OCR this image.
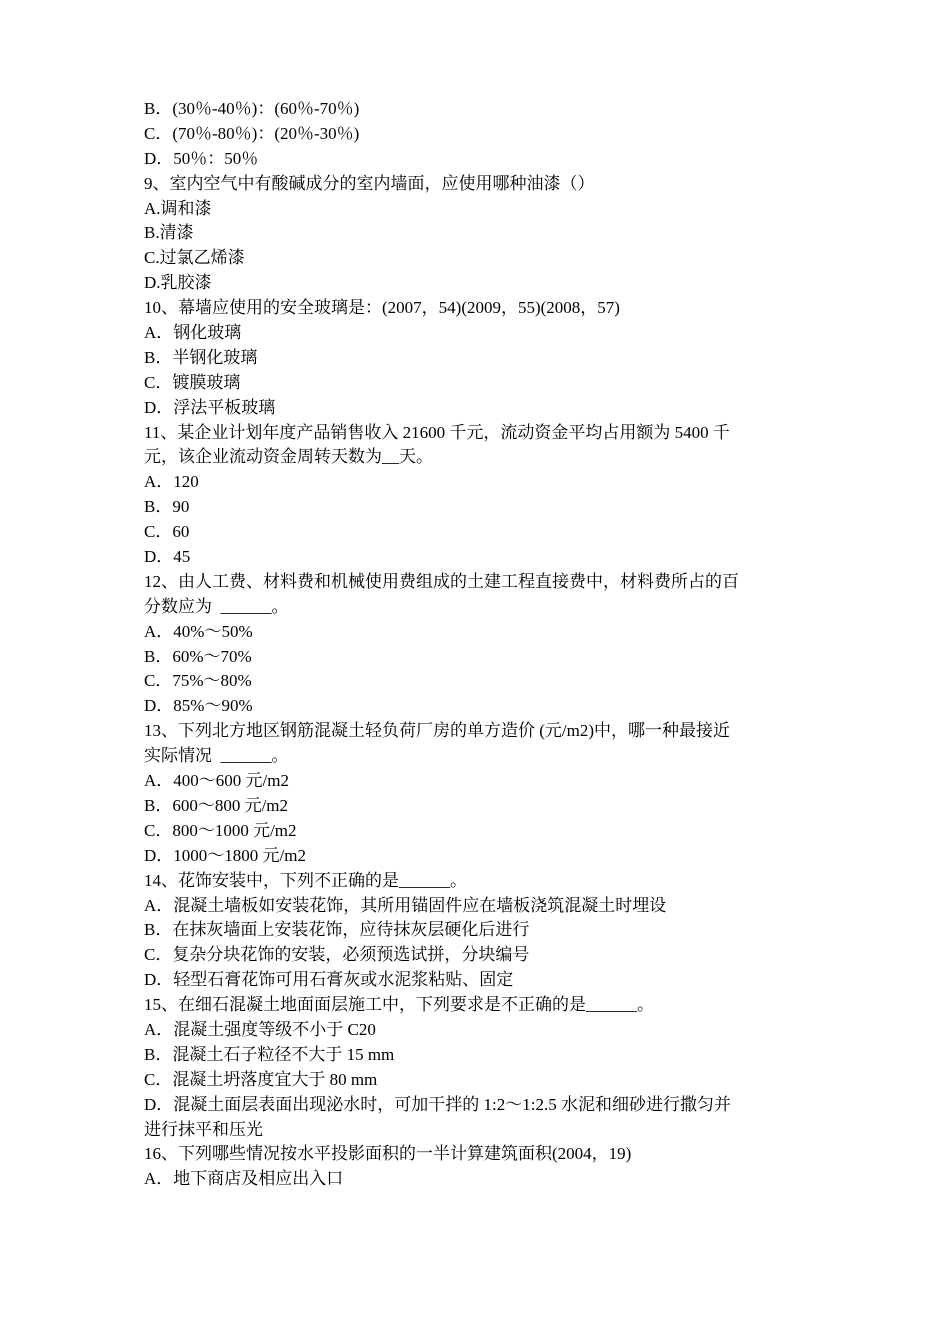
B．(30％-40％)：(60％-70％)
C．(70％-80％)：(20％-30％)
D．50％：50％
9、室内空气中有酸碱成分的室内墙面，应使用哪种油漆（）
A.调和漆
B.清漆
C.过氯乙烯漆
D.乳胶漆
10、幕墙应使用的安全玻璃是：(2007，54)(2009，55)(2008，57)
A．钢化玻璃
B．半钢化玻璃
C．镀膜玻璃
D．浮法平板玻璃
11、某企业计划年度产品销售收入 21600 千元，流动资金平均占用额为 5400 千
元，该企业流动资金周转天数为__天。
A．120
B．90
C．60
D．45
12、由人工费、材料费和机械使用费组成的土建工程直接费中，材料费所占的百
分数应为  ______。
A．40%～50%
B．60%～70%
C．75%～80%
D．85%～90%
13、下列北方地区钢筋混凝土轻负荷厂房的单方造价 (元/m2)中，哪一种最接近
实际情况  ______。
A．400～600 元/m2
B．600～800 元/m2
C．800～1000 元/m2
D．1000～1800 元/m2
14、花饰安装中，下列不正确的是______。
A．混凝土墙板如安装花饰，其所用锚固件应在墙板浇筑混凝土时埋设
B．在抹灰墙面上安装花饰，应待抹灰层硬化后进行
C．复杂分块花饰的安装，必须预选试拼，分块编号
D．轻型石膏花饰可用石膏灰或水泥浆粘贴、固定
15、在细石混凝土地面面层施工中，下列要求是不正确的是______。
A．混凝土强度等级不小于 C20
B．混凝土石子粒径不大于 15 mm
C．混凝土坍落度宜大于 80 mm
D．混凝土面层表面出现泌水时，可加干拌的 1:2～1:2.5 水泥和细砂进行撒匀并
进行抹平和压光
16、下列哪些情况按水平投影面积的一半计算建筑面积(2004，19)
A．地下商店及相应出入口
